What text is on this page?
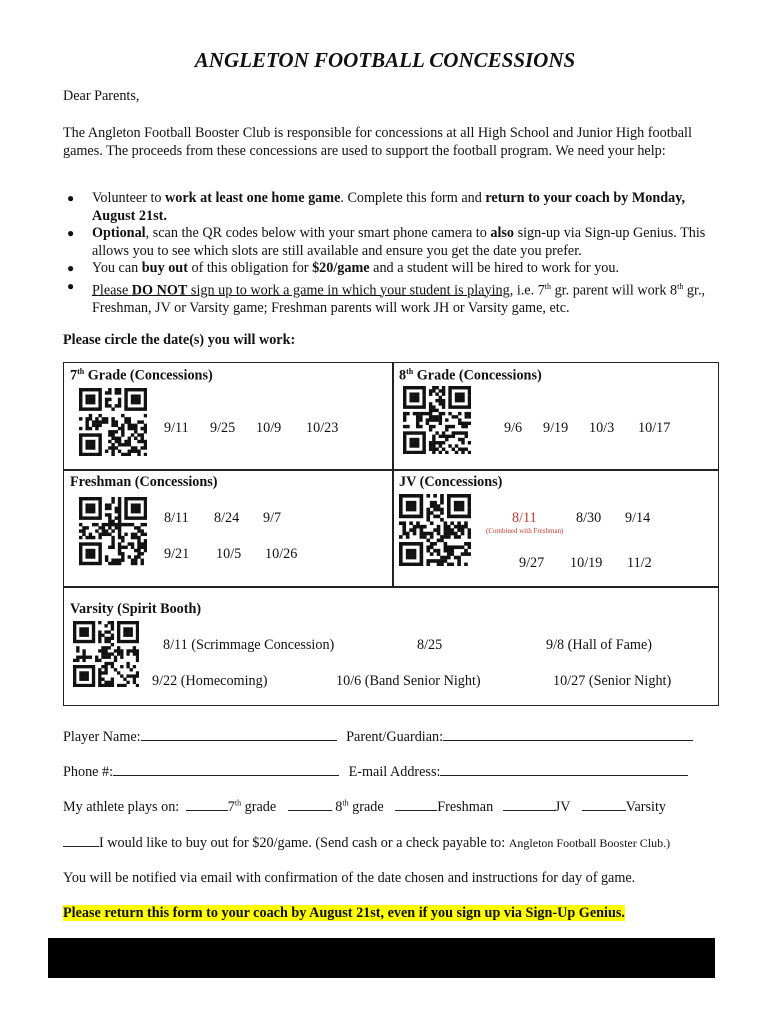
ANGLETON FOOTBALL CONCESSIONS
Dear Parents,
The Angleton Football Booster Club is responsible for concessions at all High School and Junior High football games. The proceeds from these concessions are used to support the football program. We need your help:
● Volunteer to work at least one home game. Complete this form and return to your coach by Monday, August 21st.
● Optional, scan the QR codes below with your smart phone camera to also sign-up via Sign-up Genius. This allows you to see which slots are still available and ensure you get the date you prefer.
● You can buy out of this obligation for $20/game and a student will be hired to work for you.
● Please DO NOT sign up to work a game in which your student is playing, i.e. 7th gr. parent will work 8th gr., Freshman, JV or Varsity game; Freshman parents will work JH or Varsity game, etc.
Please circle the date(s) you will work:
7th Grade (Concessions)
9/11 9/25 10/9 10/23
8th Grade (Concessions)
9/6 9/19 10/3 10/17
Freshman (Concessions)
8/11 8/24 9/7
9/21 10/5 10/26
JV (Concessions)
8/11	8/30 9/14
(Combined with Freshman)
9/27 10/19 11/2
Varsity (Spirit Booth)
8/11 (Scrimmage Concession)	8/25	9/8 (Hall of Fame)
9/22 (Homecoming)	10/6 (Band Senior Night)	10/27 (Senior Night)
Player Name:	Parent/Guardian:
Phone #:	E-mail Address:
My athlete plays on:	7th grade	8th grade	Freshman	JV	Varsity
I would like to buy out for $20/game. (Send cash or a check payable to: Angleton Football Booster Club.)
You will be notified via email with confirmation of the date chosen and instructions for day of game.
Please return this form to your coach by August 21st, even if you sign up via Sign-Up Genius.
